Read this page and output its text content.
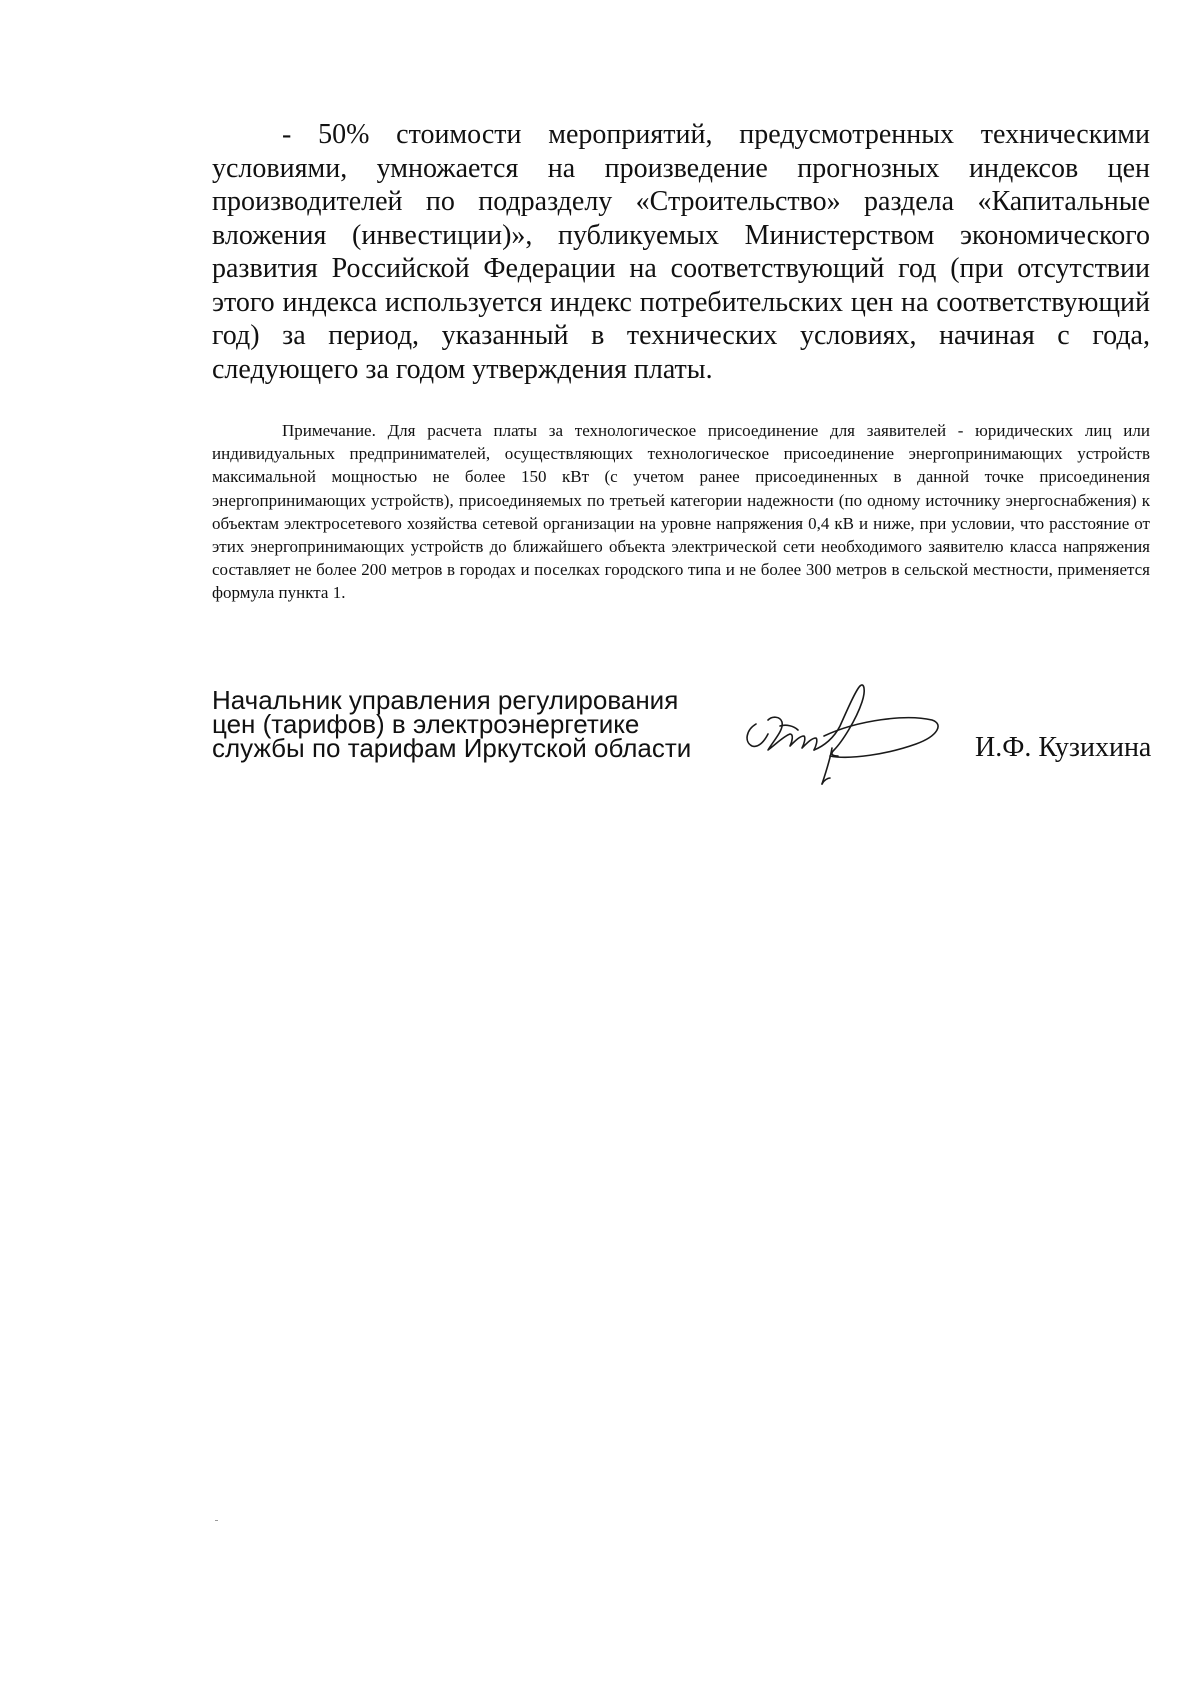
- 50% стоимости мероприятий, предусмотренных техническими условиями, умножается на произведение прогнозных индексов цен производителей по подразделу «Строительство» раздела «Капитальные вложения (инвестиции)», публикуемых Министерством экономического развития Российской Федерации на соответствующий год (при отсутствии этого индекса используется индекс потребительских цен на соответствующий год) за период, указанный в технических условиях, начиная с года, следующего за годом утверждения платы.

Примечание. Для расчета платы за технологическое присоединение для заявителей - юридических лиц или индивидуальных предпринимателей, осуществляющих технологическое присоединение энергопринимающих устройств максимальной мощностью не более 150 кВт (с учетом ранее присоединенных в данной точке присоединения энергопринимающих устройств), присоединяемых по третьей категории надежности (по одному источнику энергоснабжения) к объектам электросетевого хозяйства сетевой организации на уровне напряжения 0,4 кВ и ниже, при условии, что расстояние от этих энергопринимающих устройств до ближайшего объекта электрической сети необходимого заявителю класса напряжения составляет не более 200 метров в городах и поселках городского типа и не более 300 метров в сельской местности, применяется формула пункта 1.

Начальник управления регулирования
цен (тарифов) в электроэнергетике
службы по тарифам Иркутской области	И.Ф. Кузихина
